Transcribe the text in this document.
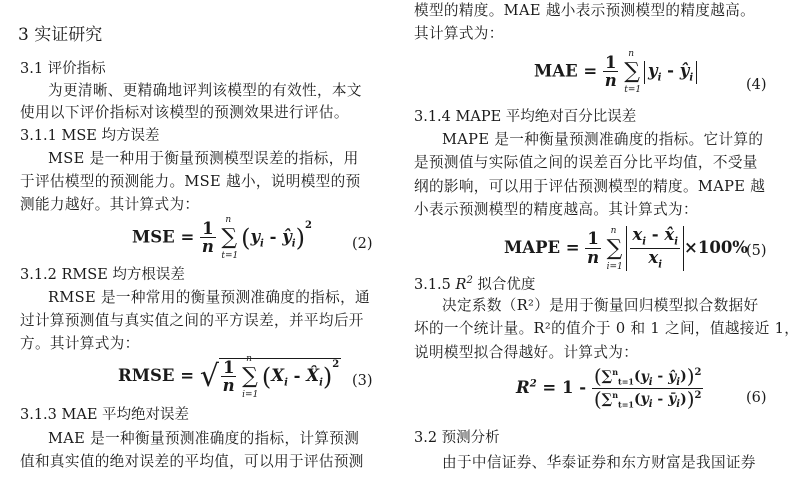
3 实证研究
3.1 评价指标
为更清晰、更精确地评判该模型的有效性，本文
使用以下评价指标对该模型的预测效果进行评估。
3.1.1 MSE 均方误差
MSE 是一种用于衡量预测模型误差的指标，用
于评估模型的预测能力。MSE 越小，说明模型的预
测能力越好。其计算式为：
MSE = $\frac{1}{n}$
n
∑
t=1
($y_i$ - $ŷ_i)^2$
(2)
3.1.2 RMSE 均方根误差
RMSE 是一种常用的衡量预测准确度的指标，通
过计算预测值与真实值之间的平方误差，并平均后开
方。其计算式为：
RMSE = √ $\frac{1}{n}$
n
∑
i=1
($X_i$ - $X̂_i)^2$
(3)
3.1.3 MAE 平均绝对误差
MAE 是一种衡量预测准确度的指标，计算预测
值和真实值的绝对误差的平均值，可以用于评估预测
模型的精度。MAE 越小表示预测模型的精度越高。
其计算式为：
MAE = $\frac{1}{n}$
n
∑
t=1
$y_i$ - $ŷ_i$	(4)
3.1.4 MAPE 平均绝对百分比误差
MAPE 是一种衡量预测准确度的指标。它计算的
是预测值与实际值之间的误差百分比平均值，不受量
纲的影响，可以用于评估预测模型的精度。MAPE 越
小表示预测模型的精度越高。其计算式为：
MAPE = $\frac{1}{n}$
n
∑
i=1
$\frac{x_i - x̂_i}{x_i} \times 100\%$
(5)
3.1.5 $R^2$ 拟合优度
决定系数（R²）是用于衡量回归模型拟合数据好
坏的一个统计量。R²的值介于 0 和 1 之间，值越接近 1，
说明模型拟合得越好。计算式为：
$R^2 = 1 - \frac{(\sum^n_{t=1}(y_i - ŷ_i))^2}{(\sum^n_{t=1}(y_i - ȳ_i))^2}$	(6)
3.2 预测分析
由于中信证券、华泰证券和东方财富是我国证券
